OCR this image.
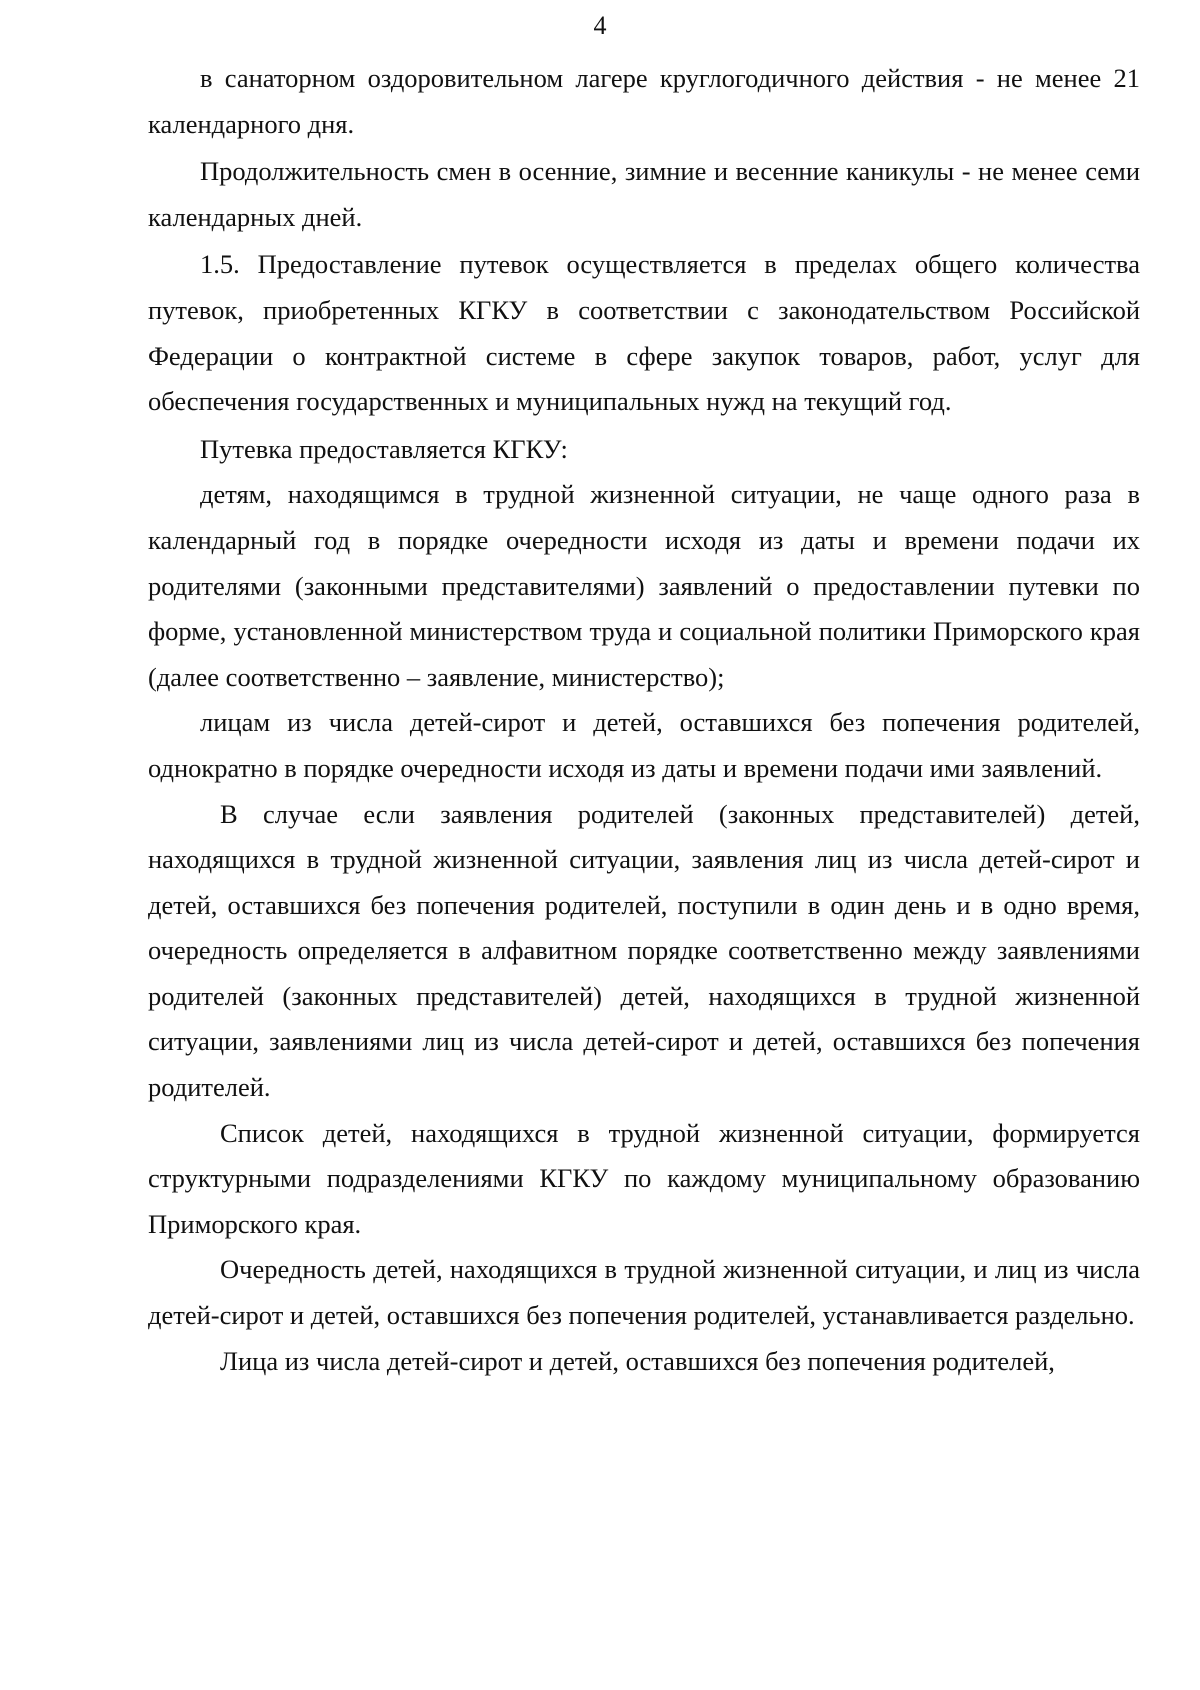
4

в санаторном оздоровительном лагере круглогодичного действия - не менее 21 календарного дня.

Продолжительность смен в осенние, зимние и весенние каникулы - не менее семи календарных дней.

1.5. Предоставление путевок осуществляется в пределах общего количества путевок, приобретенных КГКУ в соответствии с законодательством Российской Федерации о контрактной системе в сфере закупок товаров, работ, услуг для обеспечения государственных и муниципальных нужд на текущий год.

Путевка предоставляется КГКУ:

детям, находящимся в трудной жизненной ситуации, не чаще одного раза в календарный год в порядке очередности исходя из даты и времени подачи их родителями (законными представителями) заявлений о предоставлении путевки по форме, установленной министерством труда и социальной политики Приморского края (далее соответственно – заявление, министерство);

лицам из числа детей-сирот и детей, оставшихся без попечения родителей, однократно в порядке очередности исходя из даты и времени подачи ими заявлений.

В случае если заявления родителей (законных представителей) детей, находящихся в трудной жизненной ситуации, заявления лиц из числа детей-сирот и детей, оставшихся без попечения родителей, поступили в один день и в одно время, очередность определяется в алфавитном порядке соответственно между заявлениями родителей (законных представителей) детей, находящихся в трудной жизненной ситуации, заявлениями лиц из числа детей-сирот и детей, оставшихся без попечения родителей.

Список детей, находящихся в трудной жизненной ситуации, формируется структурными подразделениями КГКУ по каждому муниципальному образованию Приморского края.

Очередность детей, находящихся в трудной жизненной ситуации, и лиц из числа детей-сирот и детей, оставшихся без попечения родителей, устанавливается раздельно.

Лица из числа детей-сирот и детей, оставшихся без попечения родителей,
